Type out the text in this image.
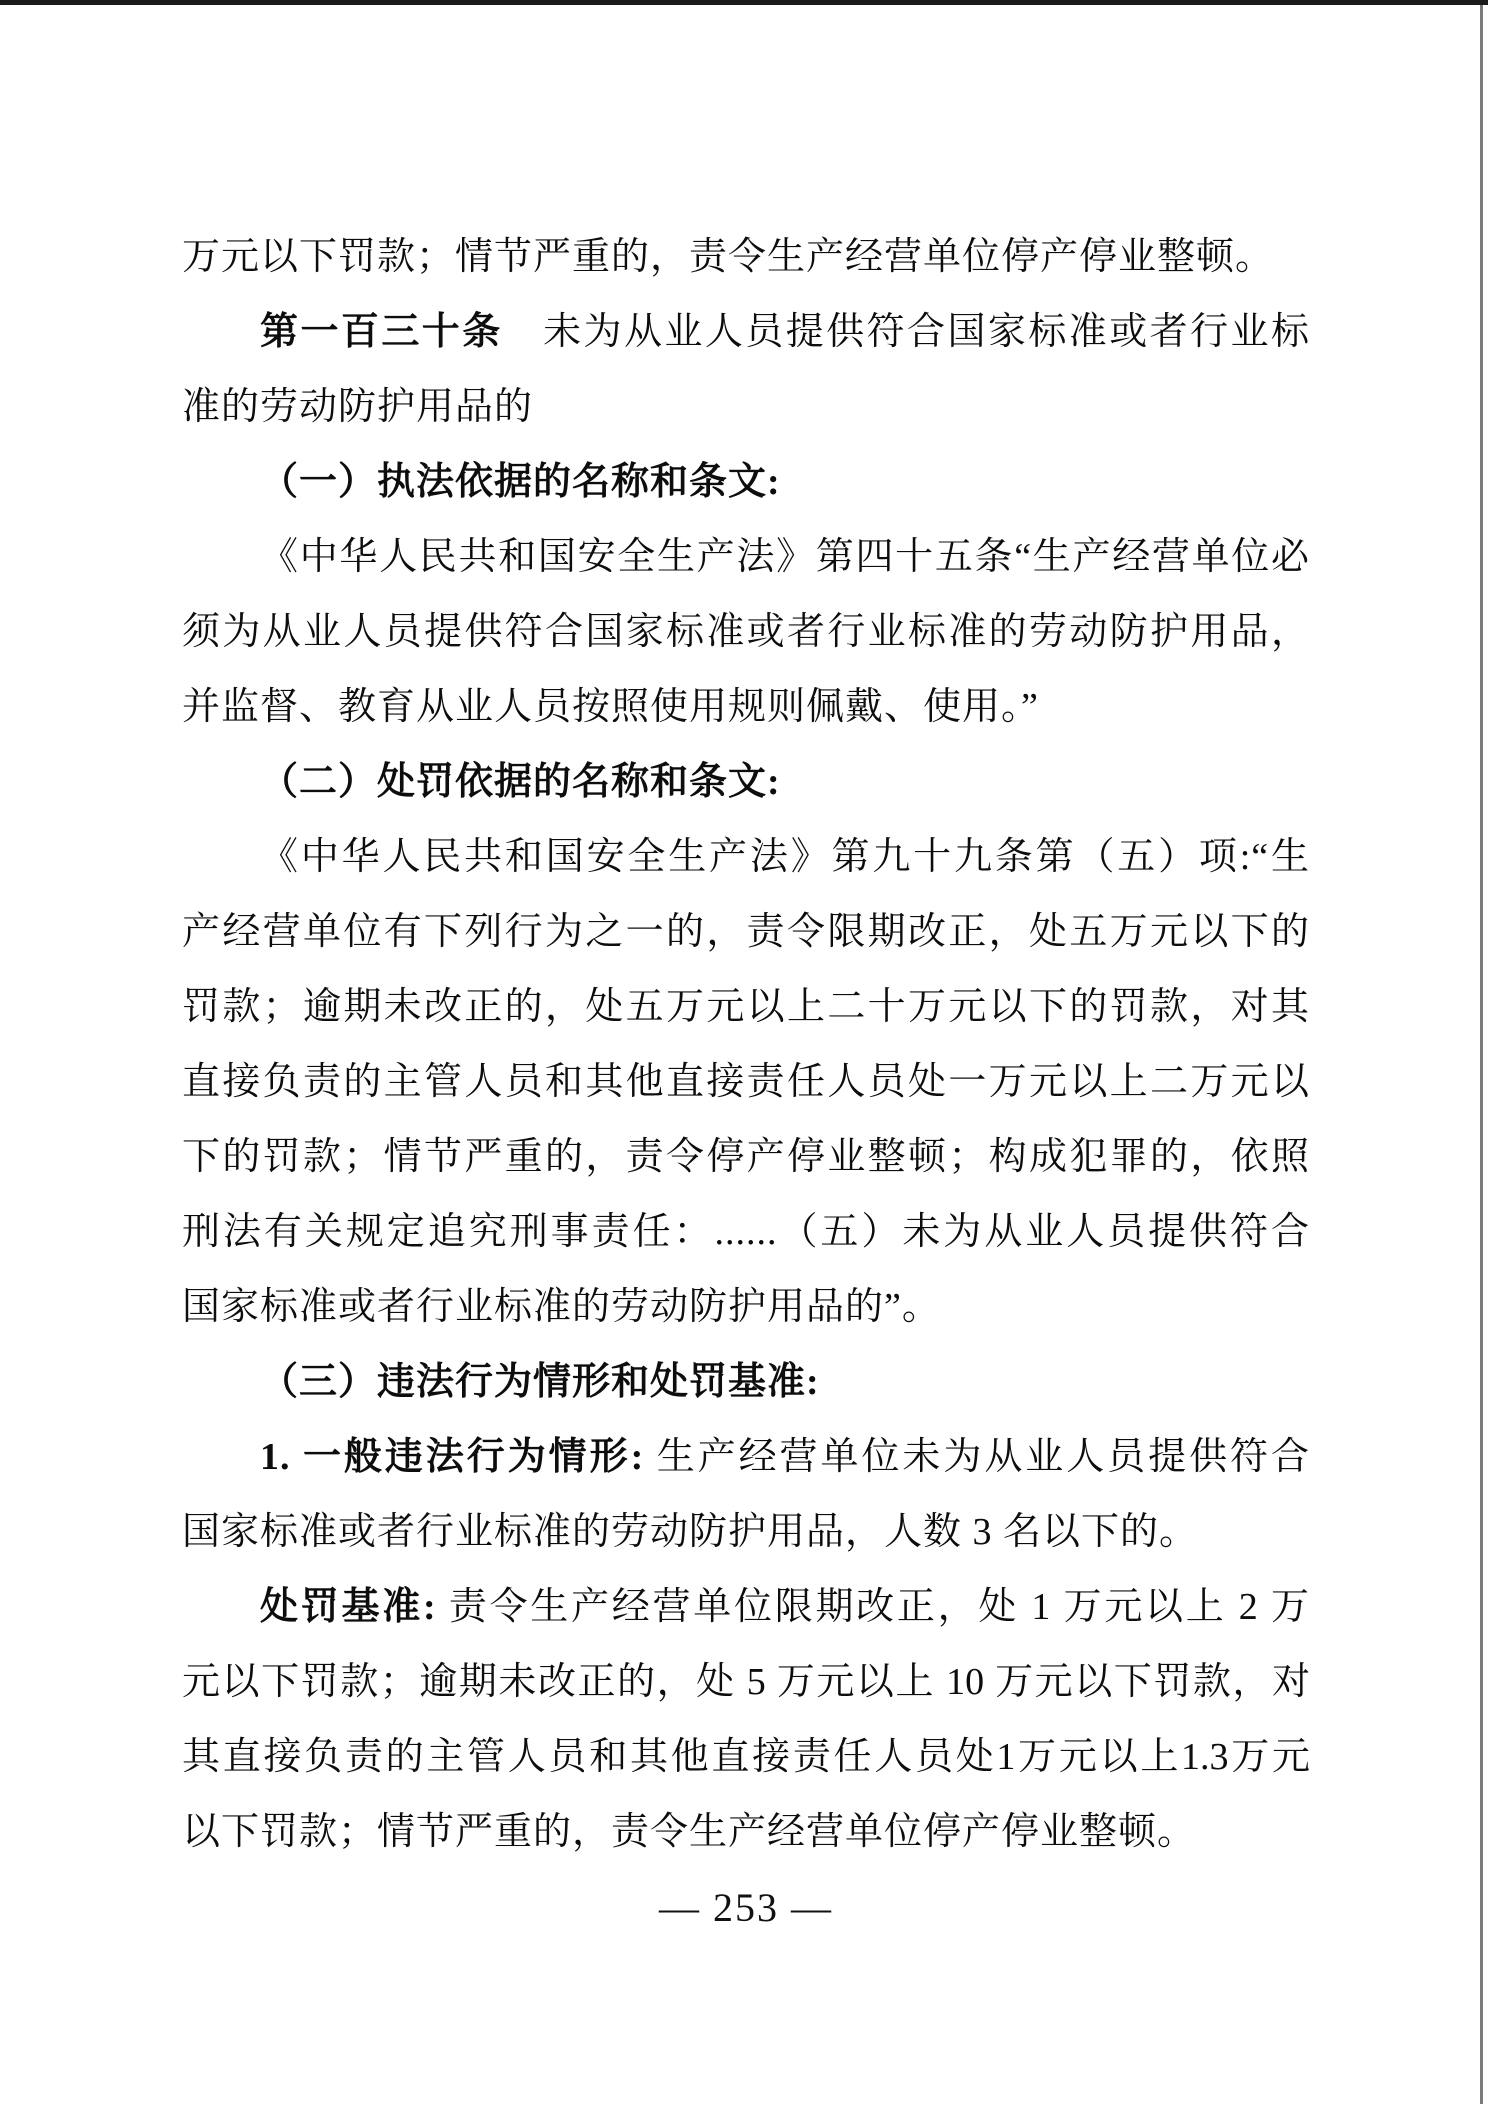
万元以下罚款；情节严重的，责令生产经营单位停产停业整顿。
第一百三十条　未为从业人员提供符合国家标准或者行业标
准的劳动防护用品的
（一）执法依据的名称和条文:
《中华人民共和国安全生产法》第四十五条“生产经营单位必
须为从业人员提供符合国家标准或者行业标准的劳动防护用品，
并监督、教育从业人员按照使用规则佩戴、使用。”
（二）处罚依据的名称和条文:
《中华人民共和国安全生产法》第九十九条第（五）项:“生
产经营单位有下列行为之一的，责令限期改正，处五万元以下的
罚款；逾期未改正的，处五万元以上二十万元以下的罚款，对其
直接负责的主管人员和其他直接责任人员处一万元以上二万元以
下的罚款；情节严重的，责令停产停业整顿；构成犯罪的，依照
刑法有关规定追究刑事责任：......（五）未为从业人员提供符合
国家标准或者行业标准的劳动防护用品的”。
（三）违法行为情形和处罚基准:
1. 一般违法行为情形: 生产经营单位未为从业人员提供符合
国家标准或者行业标准的劳动防护用品，人数 3 名以下的。
处罚基准: 责令生产经营单位限期改正，处 1 万元以上 2 万
元以下罚款；逾期未改正的，处 5 万元以上 10 万元以下罚款，对
其直接负责的主管人员和其他直接责任人员处1万元以上1.3万元
以下罚款；情节严重的，责令生产经营单位停产停业整顿。
— 253 —
